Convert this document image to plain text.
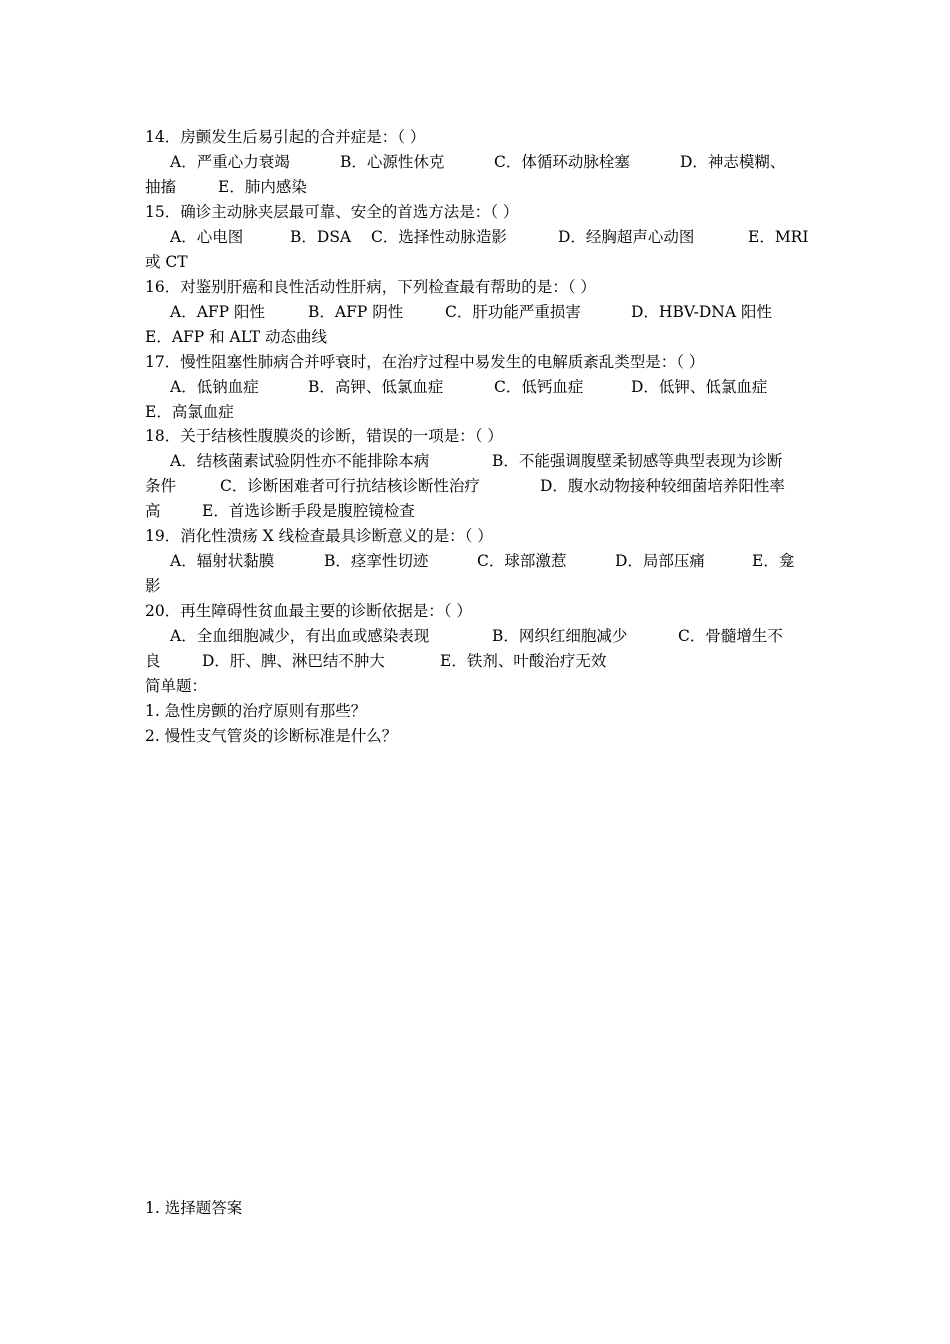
14．房颤发生后易引起的合并症是：（ ）
A．严重心力衰竭	B．心源性休克	C．体循环动脉栓塞	D．神志模糊、
抽搐	E．肺内感染
15．确诊主动脉夹层最可靠、安全的首选方法是：（ ）
A．心电图	B．DSA C．选择性动脉造影	D．经胸超声心动图	E．MRI
或 CT
16．对鉴别肝癌和良性活动性肝病，下列检查最有帮助的是：（ ）
A．AFP 阳性	B．AFP 阴性	C．肝功能严重损害	D．HBV-DNA 阳性
E．AFP 和 ALT 动态曲线
17．慢性阻塞性肺病合并呼衰时，在治疗过程中易发生的电解质紊乱类型是：（ ）
A．低钠血症	B．高钾、低氯血症	C．低钙血症	D．低钾、低氯血症
E．高氯血症
18．关于结核性腹膜炎的诊断，错误的一项是：（ ）
A．结核菌素试验阴性亦不能排除本病	B．不能强调腹壁柔韧感等典型表现为诊断
条件	C．诊断困难者可行抗结核诊断性治疗	D．腹水动物接种较细菌培养阳性率
高	E．首选诊断手段是腹腔镜检查
19．消化性溃疡 X 线检查最具诊断意义的是：（ ）
A．辐射状黏膜	B．痉挛性切迹	C．球部激惹	D．局部压痛	E．龛
影
20．再生障碍性贫血最主要的诊断依据是：（ ）
A．全血细胞减少，有出血或感染表现	B．网织红细胞减少	C．骨髓增生不
良	D．肝、脾、淋巴结不肿大	E．铁剂、叶酸治疗无效
简单题：
1. 急性房颤的治疗原则有那些？
2. 慢性支气管炎的诊断标准是什么？
1. 选择题答案
